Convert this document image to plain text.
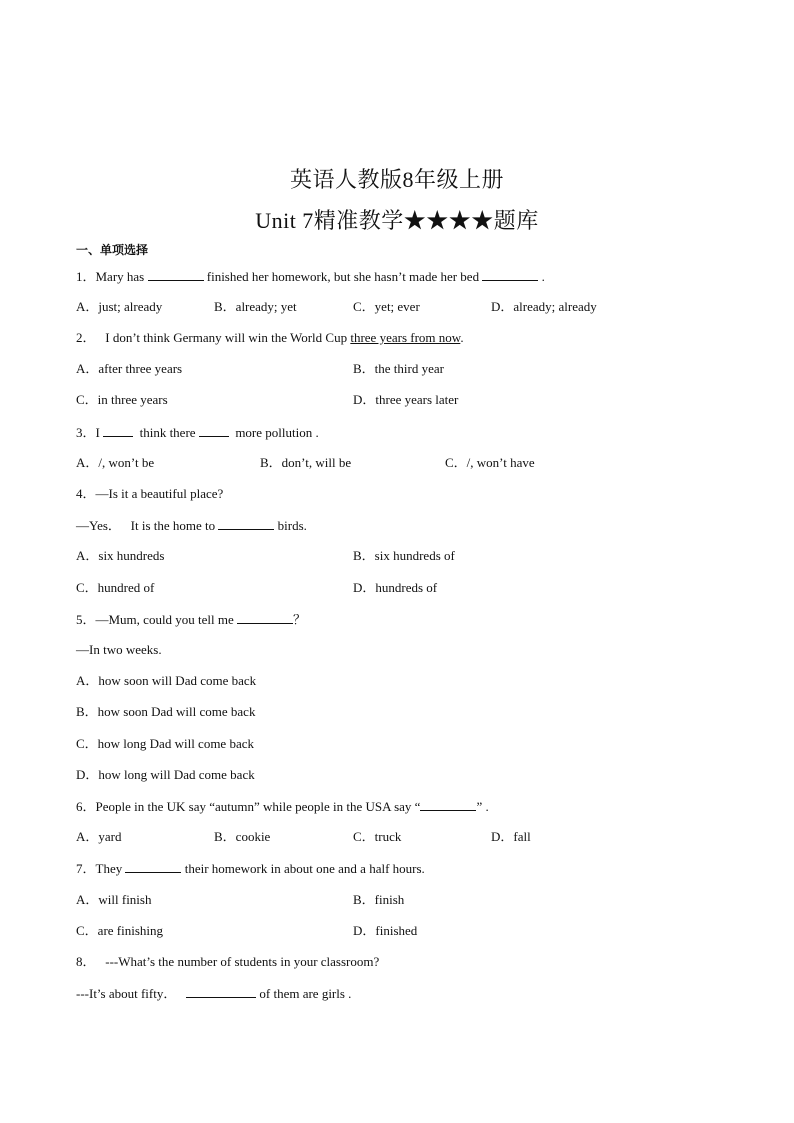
英语人教版8年级上册
Unit 7精准教学★★★★题库
一、单项选择
1．Mary has	finished her homework, but she hasn’t made her bed	.
A．just; already	B．already; yet	C．yet; ever	D．already; already
2．   I don’t think Germany will win the World Cup three years from now.
A．after three years	B．the third year
C．in three years	D．three years later
3．I   think there   more pollution .
A．/, won’t be	B．don’t, will be	C．/, won’t have
4．—Is it a beautiful place?
—Yes．   It is the home to	birds.
A．six hundreds	B．six hundreds of
C．hundred of	D．hundreds of
5．—Mum, could you tell me	？
—In two weeks.
A．how soon will Dad come back
B．how soon Dad will come back
C．how long Dad will come back
D．how long will Dad come back
6．People in the UK say “autumn” while people in the USA say “	” .
A．yard	B．cookie	C．truck	D．fall
7．They	their homework in about one and a half hours.
A．will finish	B．finish
C．are finishing	D．finished
8．   ---What’s the number of students in your classroom?
---It’s about fifty．	of them are girls .
